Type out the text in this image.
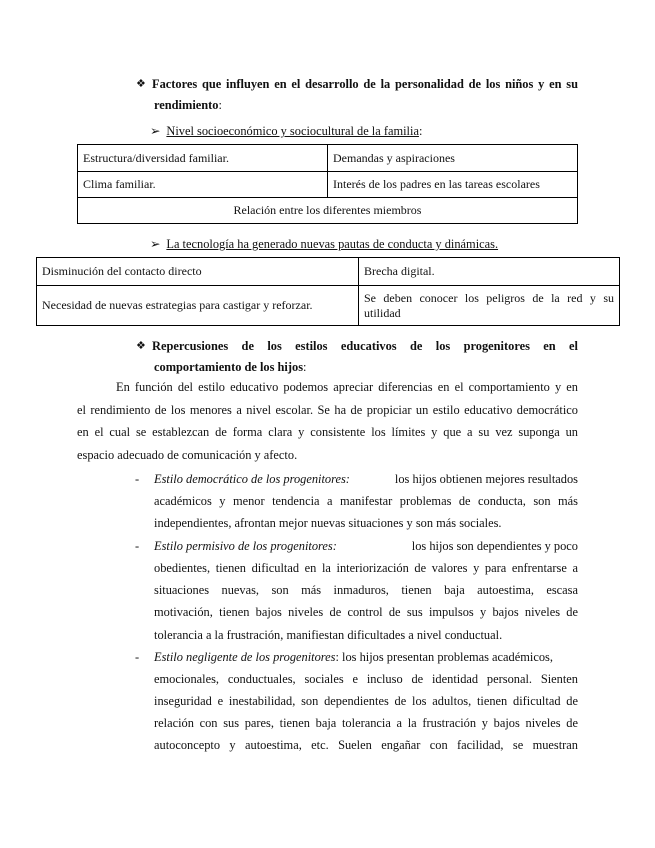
❖ Factores que influyen en el desarrollo de la personalidad de los niños y en su
rendimiento:
➢ Nivel socioeconómico y sociocultural de la familia:
Estructura/diversidad familiar.	Demandas y aspiraciones
Clima familiar.	Interés de los padres en las tareas escolares
Relación entre los diferentes miembros	
➢ La tecnología ha generado nuevas pautas de conducta y dinámicas.
Disminución del contacto directo	Brecha digital.
Necesidad de nuevas estrategias para castigar y reforzar.	Se deben conocer los peligros de la red y su
utilidad
❖ Repercusiones de los estilos educativos de los progenitores en el
comportamiento de los hijos:
En función del estilo educativo podemos apreciar diferencias en el comportamiento y en
el rendimiento de los menores a nivel escolar. Se ha de propiciar un estilo educativo democrático
en el cual se establezcan de forma clara y consistente los límites y que a su vez suponga un
espacio adecuado de comunicación y afecto.
- Estilo democrático de los progenitores:	los hijos obtienen mejores resultados
académicos y menor tendencia a manifestar problemas de conducta, son más
independientes, afrontan mejor nuevas situaciones y son más sociales.
- Estilo permisivo de los progenitores:	los hijos son dependientes y poco
obedientes, tienen dificultad en la interiorización de valores y para enfrentarse a
situaciones nuevas, son más inmaduros, tienen baja autoestima, escasa
motivación, tienen bajos niveles de control de sus impulsos y bajos niveles de
tolerancia a la frustración, manifiestan dificultades a nivel conductual.
- Estilo negligente de los progenitores : los hijos presentan problemas académicos,
emocionales, conductuales, sociales e incluso de identidad personal. Sienten
inseguridad e inestabilidad, son dependientes de los adultos, tienen dificultad de
relación con sus pares, tienen baja tolerancia a la frustración y bajos niveles de
autoconcepto y autoestima, etc. Suelen engañar con facilidad, se muestran
